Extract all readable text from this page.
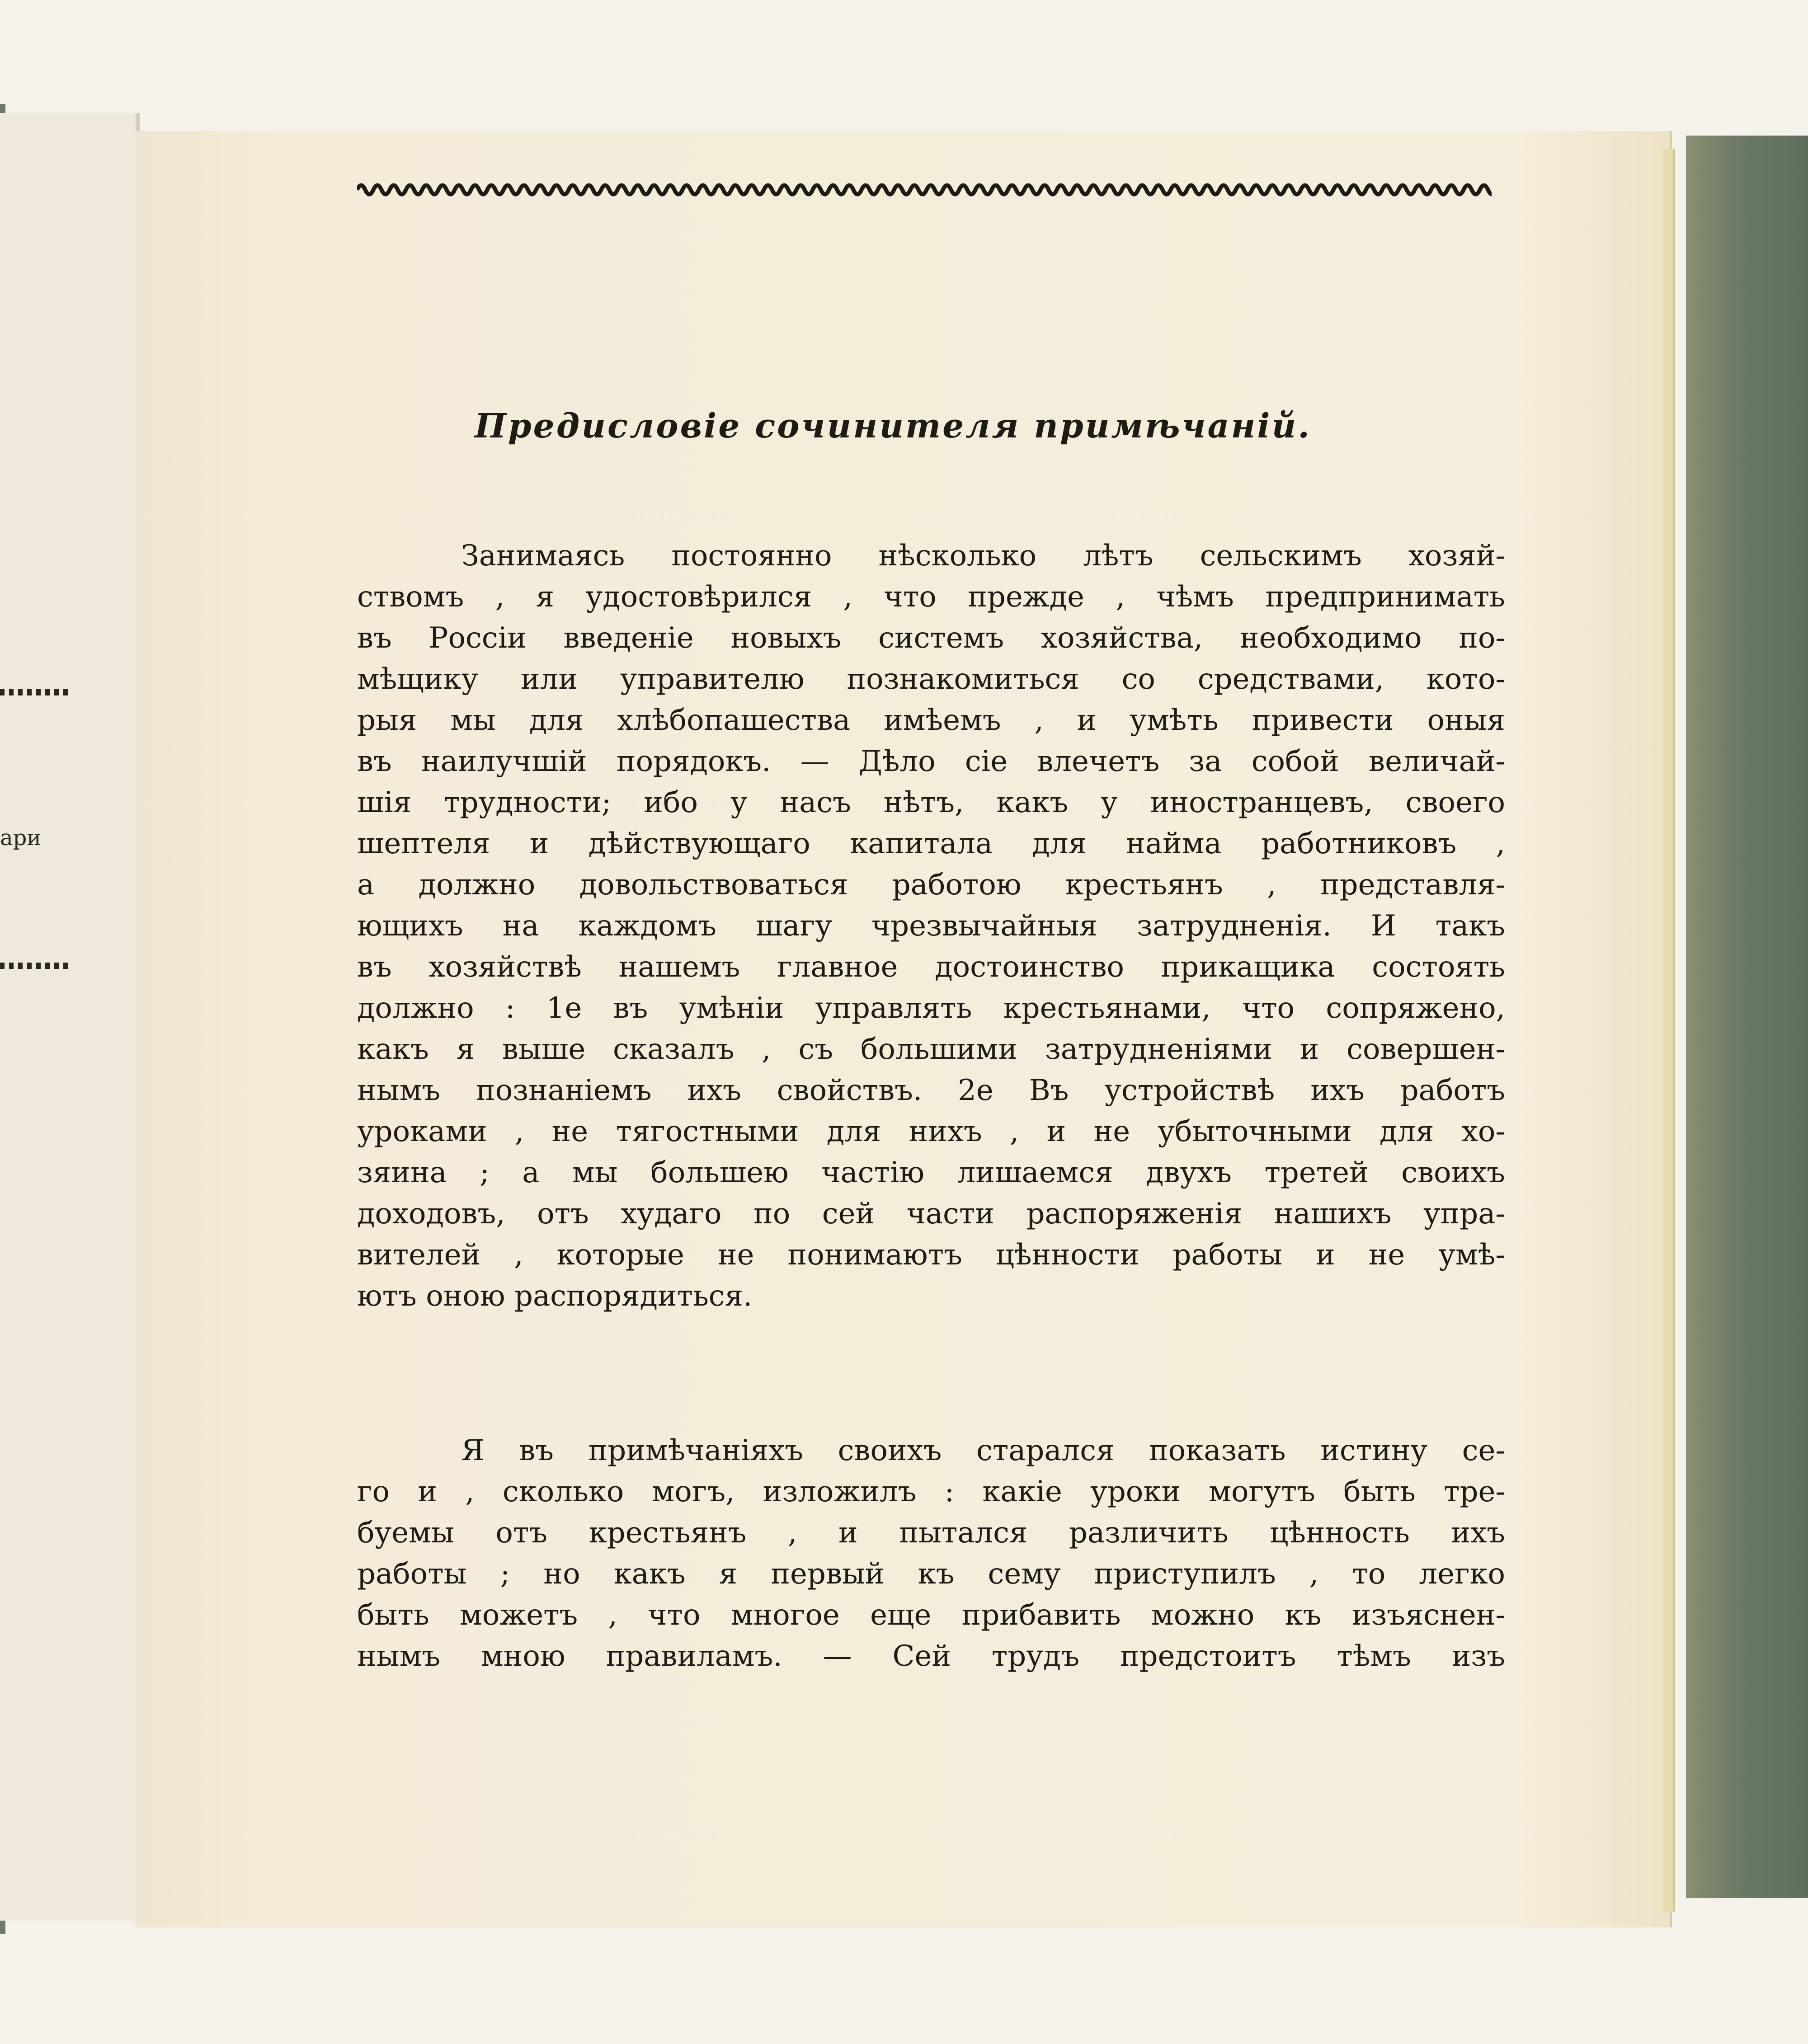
ари
Предисловіе сочинителя примѣчаній.
Занимаясь постоянно нѣсколько лѣтъ сельскимъ хозяй-
ствомъ , я удостовѣрился , что прежде , чѣмъ предпринимать
въ Россіи введеніе новыхъ системъ хозяйства, необходимо по-
мѣщику или управителю познакомиться со средствами, кото-
рыя мы для хлѣбопашества имѣемъ , и умѣть привести оныя
въ наилучшій порядокъ. — Дѣло сіе влечетъ за собой величай-
шія трудности; ибо у насъ нѣтъ, какъ у иностранцевъ, своего
шептеля и дѣйствующаго капитала для найма работниковъ ,
а должно довольствоваться работою крестьянъ , представля-
ющихъ на каждомъ шагу чрезвычайныя затрудненія. И такъ
въ хозяйствѣ нашемъ главное достоинство прикащика состоять
должно : 1е въ умѣніи управлять крестьянами, что сопряжено,
какъ я выше сказалъ , съ большими затрудненіями и совершен-
нымъ познаніемъ ихъ свойствъ. 2е Въ устройствѣ ихъ работъ
уроками , не тягостными для нихъ , и не убыточными для хо-
зяина ; а мы большею частію лишаемся двухъ третей своихъ
доходовъ, отъ худаго по сей части распоряженія нашихъ упра-
вителей , которые не понимаютъ цѣнности работы и не умѣ-
ютъ оною распорядиться.
Я въ примѣчаніяхъ своихъ старался показать истину се-
го и , сколько могъ, изложилъ : какіе уроки могутъ быть тре-
буемы отъ крестьянъ , и пытался различить цѣнность ихъ
работы ; но какъ я первый къ сему приступилъ , то легко
быть можетъ , что многое еще прибавить можно къ изъяснен-
нымъ мною правиламъ. — Сей трудъ предстоитъ тѣмъ изъ
